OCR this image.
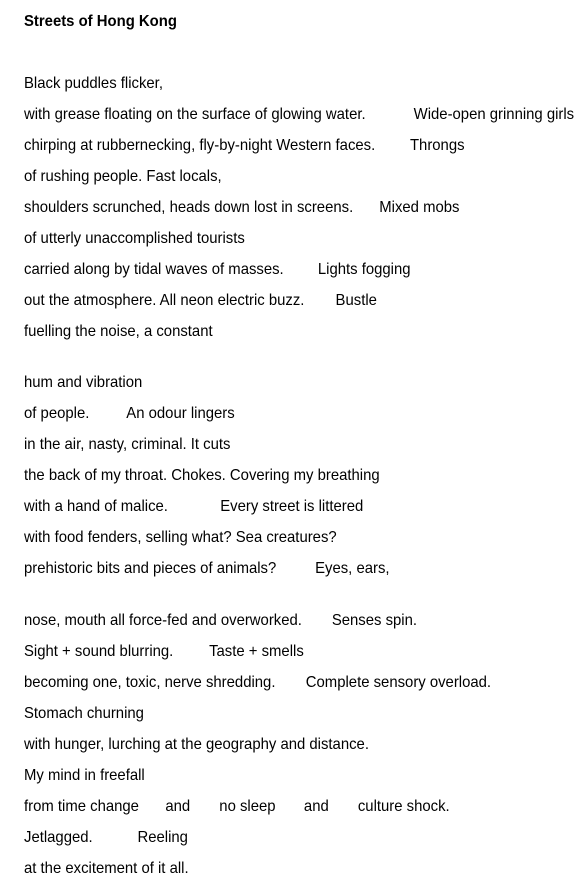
Streets of Hong Kong
Black puddles flicker,
with grease floating on the surface of glowing water.	Wide-open grinning girls
chirping at rubbernecking, fly-by-night Western faces. Throngs
of rushing people. Fast locals,
shoulders scrunched, heads down lost in screens. Mixed mobs
of utterly unaccomplished tourists
carried along by tidal waves of masses. Lights fogging
out the atmosphere. All neon electric buzz. Bustle
fuelling the noise, a constant
hum and vibration
of people. An odour lingers
in the air, nasty, criminal. It cuts
the back of my throat. Chokes. Covering my breathing
with a hand of malice.	Every street is littered
with food fenders, selling what? Sea creatures?
prehistoric bits and pieces of animals? Eyes, ears,
nose, mouth all force-fed and overworked. Senses spin.
Sight + sound blurring. Taste + smells
becoming one, toxic, nerve shredding. Complete sensory overload.
Stomach churning
with hunger, lurching at the geography and distance.
My mind in freefall
from time change and no sleep and culture shock.
Jetlagged.	Reeling
at the excitement of it all.
